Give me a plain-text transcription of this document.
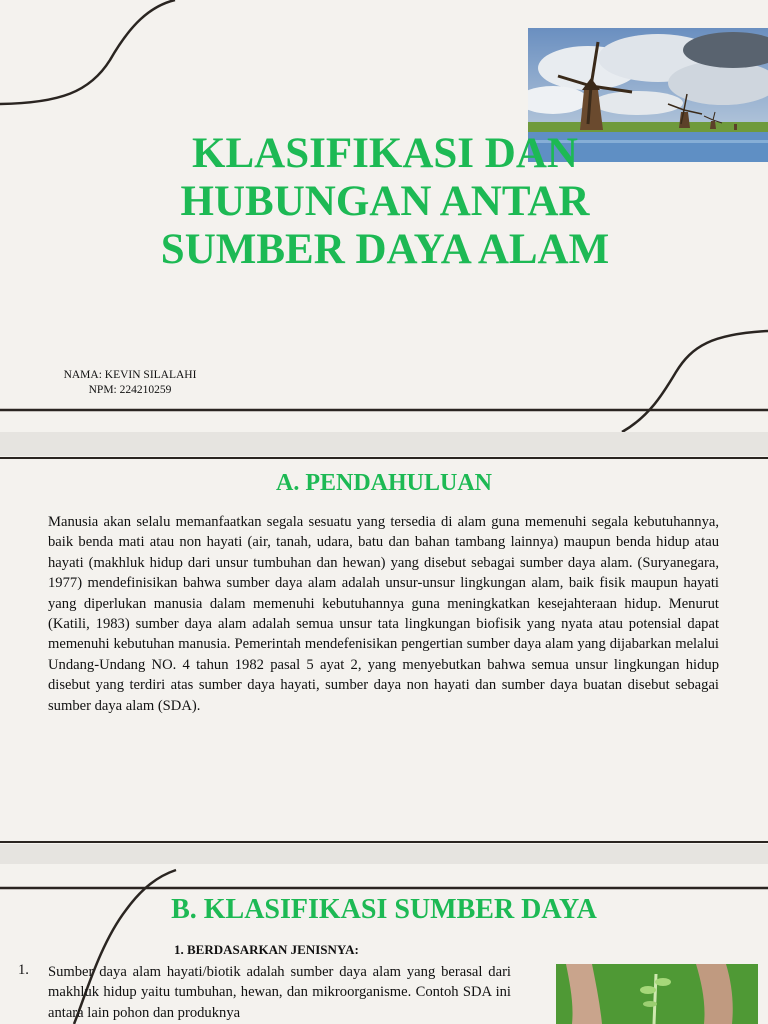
KLASIFIKASI DAN HUBUNGAN ANTAR SUMBER DAYA ALAM
NAMA: KEVIN SILALAHI
NPM: 224210259
A. PENDAHULUAN

Manusia akan selalu memanfaatkan segala sesuatu yang tersedia di alam guna memenuhi segala kebutuhannya, baik benda mati atau non hayati (air, tanah, udara, batu dan bahan tambang lainnya) maupun benda hidup atau hayati (makhluk hidup dari unsur tumbuhan dan hewan) yang disebut sebagai sumber daya alam. (Suryanegara, 1977) mendefinisikan bahwa sumber daya alam adalah unsur-unsur lingkungan alam, baik fisik maupun hayati yang diperlukan manusia dalam memenuhi kebutuhannya guna meningkatkan kesejahteraan hidup. Menurut (Katili, 1983) sumber daya alam adalah semua unsur tata lingkungan biofisik yang nyata atau potensial dapat memenuhi kebutuhan manusia. Pemerintah mendefenisikan pengertian sumber daya alam yang dijabarkan melalui Undang-Undang NO. 4 tahun 1982 pasal 5 ayat 2, yang menyebutkan bahwa semua unsur lingkungan hidup disebut yang terdiri atas sumber daya hayati, sumber daya non hayati dan sumber daya buatan disebut sebagai sumber daya alam (SDA).

B. KLASIFIKASI SUMBER DAYA

1. BERDASARKAN JENISNYA:

1. Sumber daya alam hayati/biotik adalah sumber daya alam yang berasal dari makhluk hidup yaitu tumbuhan, hewan, dan mikroorganisme. Contoh SDA ini antara lain pohon dan produknya
